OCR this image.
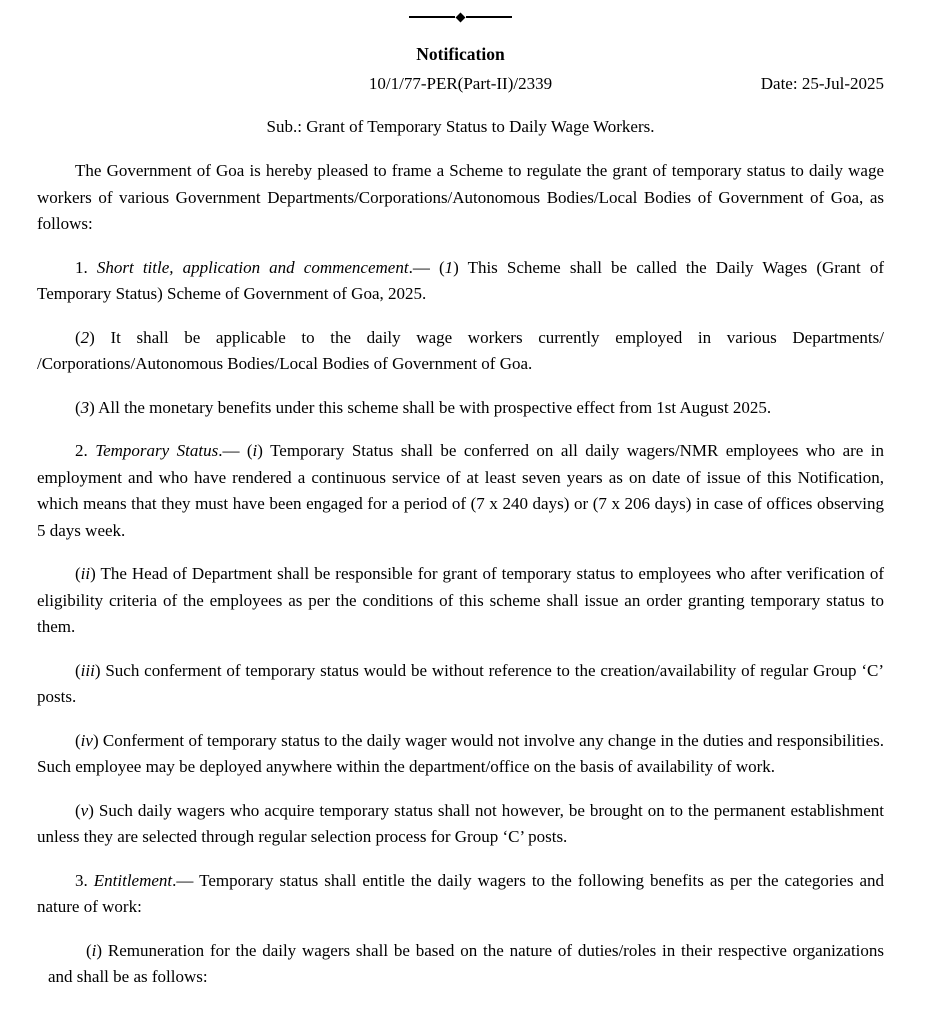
Notification
10/1/77-PER(Part-II)/2339	Date: 25-Jul-2025
Sub.: Grant of Temporary Status to Daily Wage Workers.

The Government of Goa is hereby pleased to frame a Scheme to regulate the grant of temporary status to daily wage workers of various Government Departments/Corporations/Autonomous Bodies/Local Bodies of Government of Goa, as follows:

1. Short title, application and commencement.— (1) This Scheme shall be called the Daily Wages (Grant of Temporary Status) Scheme of Government of Goa, 2025.

(2) It shall be applicable to the daily wage workers currently employed in various Departments/ /Corporations/Autonomous Bodies/Local Bodies of Government of Goa.

(3) All the monetary benefits under this scheme shall be with prospective effect from 1st August 2025.

2. Temporary Status.— (i) Temporary Status shall be conferred on all daily wagers/NMR employees who are in employment and who have rendered a continuous service of at least seven years as on date of issue of this Notification, which means that they must have been engaged for a period of (7 x 240 days) or (7 x 206 days) in case of offices observing 5 days week.

(ii) The Head of Department shall be responsible for grant of temporary status to employees who after verification of eligibility criteria of the employees as per the conditions of this scheme shall issue an order granting temporary status to them.

(iii) Such conferment of temporary status would be without reference to the creation/availability of regular Group ‘C’ posts.

(iv) Conferment of temporary status to the daily wager would not involve any change in the duties and responsibilities. Such employee may be deployed anywhere within the department/office on the basis of availability of work.

(v) Such daily wagers who acquire temporary status shall not however, be brought on to the permanent establishment unless they are selected through regular selection process for Group ‘C’ posts.

3. Entitlement.— Temporary status shall entitle the daily wagers to the following benefits as per the categories and nature of work:

(i) Remuneration for the daily wagers shall be based on the nature of duties/roles in their respective organizations and shall be as follows:
